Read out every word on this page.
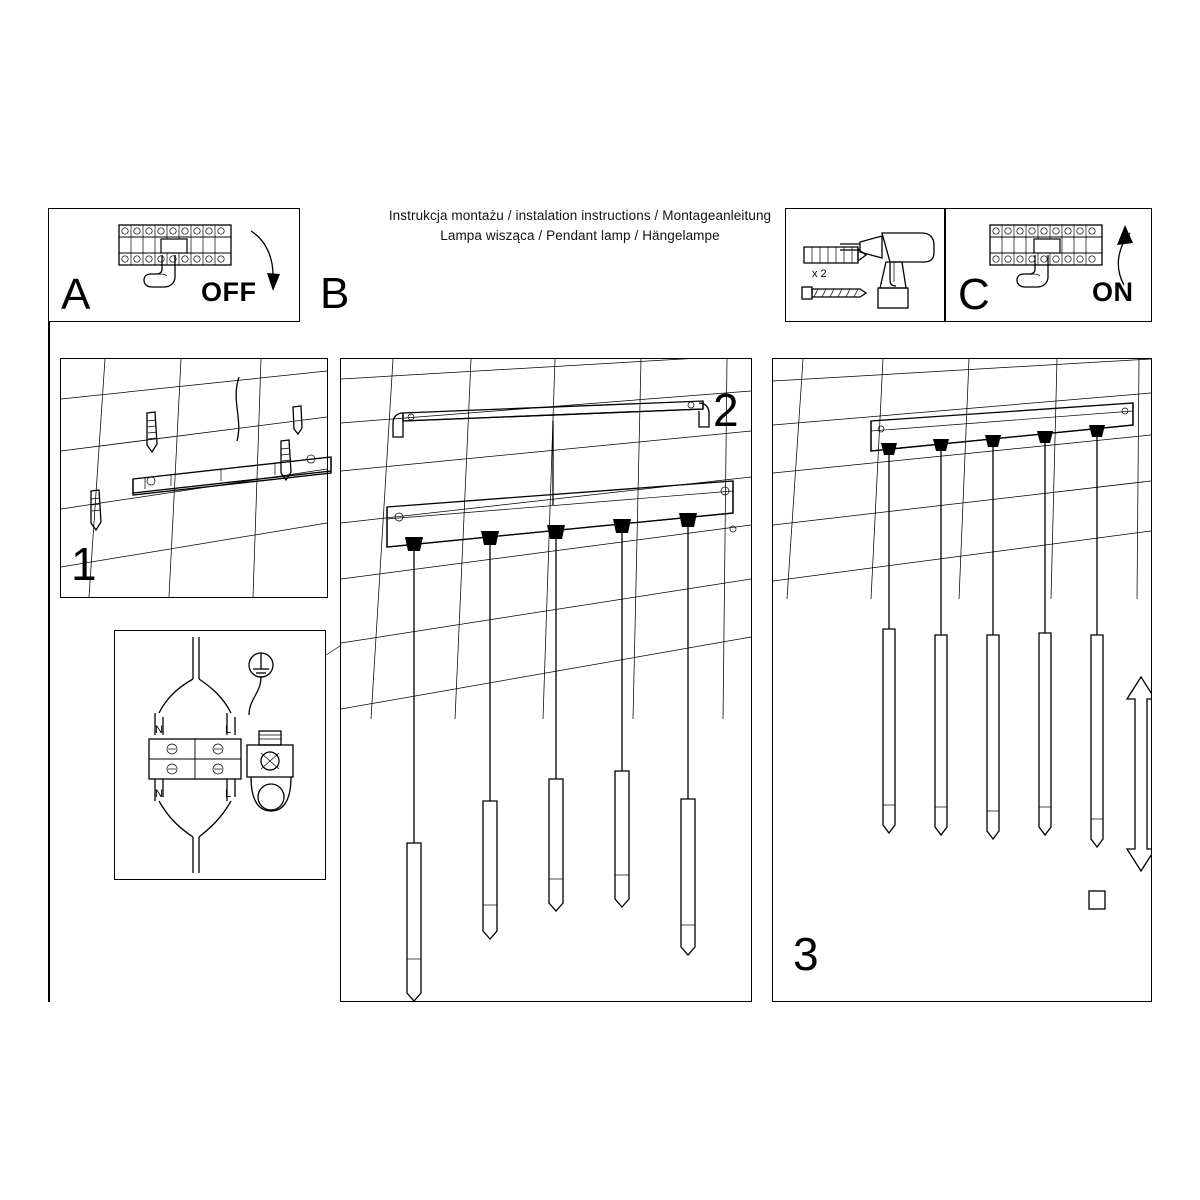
Instrukcja montażu / instalation instructions / Montageanleitung
Lampa wisząca / Pendant lamp / Hängelampe
A	OFF B	x 2	C	ON
1
N	L
N	L
2
3
